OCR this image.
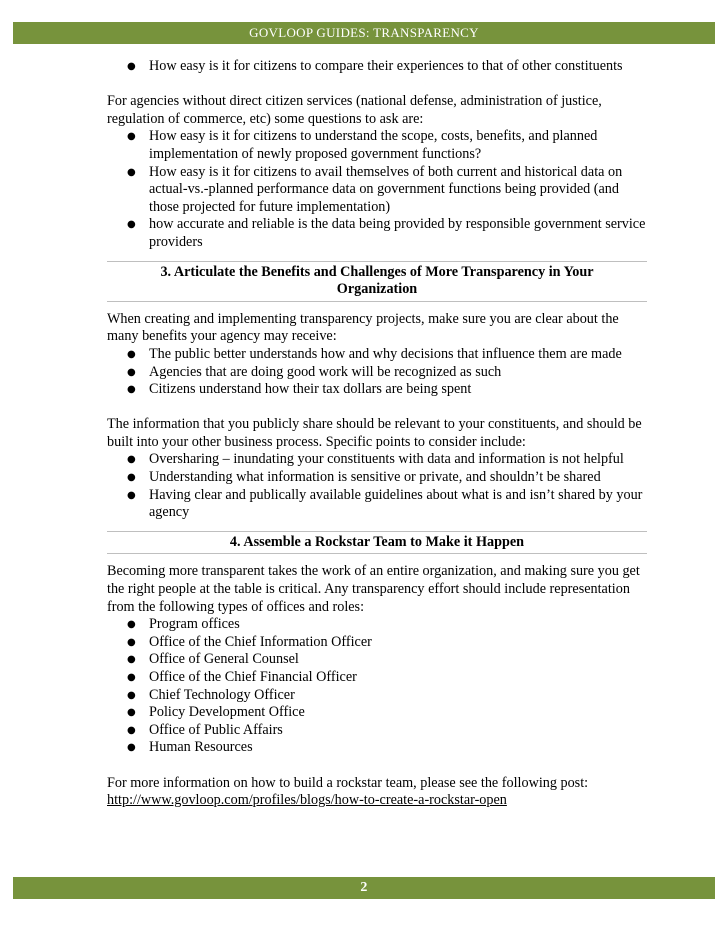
GOVLOOP GUIDES: TRANSPARENCY
● How easy is it for citizens to compare their experiences to that of other constituents

For agencies without direct citizen services (national defense, administration of justice, regulation of commerce, etc) some questions to ask are:

● How easy is it for citizens to understand the scope, costs, benefits, and planned implementation of newly proposed government functions?
● How easy is it for citizens to avail themselves of both current and historical data on actual-vs.-planned performance data on government functions being provided (and those projected for future implementation)
● how accurate and reliable is the data being provided by responsible government service providers
3. Articulate the Benefits and Challenges of More Transparency in Your Organization

When creating and implementing transparency projects, make sure you are clear about the many benefits your agency may receive:

● The public better understands how and why decisions that influence them are made
● Agencies that are doing good work will be recognized as such
● Citizens understand how their tax dollars are being spent

The information that you publicly share should be relevant to your constituents, and should be built into your other business process. Specific points to consider include:

● Oversharing – inundating your constituents with data and information is not helpful
● Understanding what information is sensitive or private, and shouldn’t be shared
● Having clear and publically available guidelines about what is and isn’t shared by your agency
4. Assemble a Rockstar Team to Make it Happen

Becoming more transparent takes the work of an entire organization, and making sure you get the right people at the table is critical. Any transparency effort should include representation from the following types of offices and roles:

● Program offices
● Office of the Chief Information Officer
● Office of General Counsel
● Office of the Chief Financial Officer
● Chief Technology Officer
● Policy Development Office
● Office of Public Affairs
● Human Resources

For more information on how to build a rockstar team, please see the following post:

http://www.govloop.com/profiles/blogs/how-to-create-a-rockstar-open
2
